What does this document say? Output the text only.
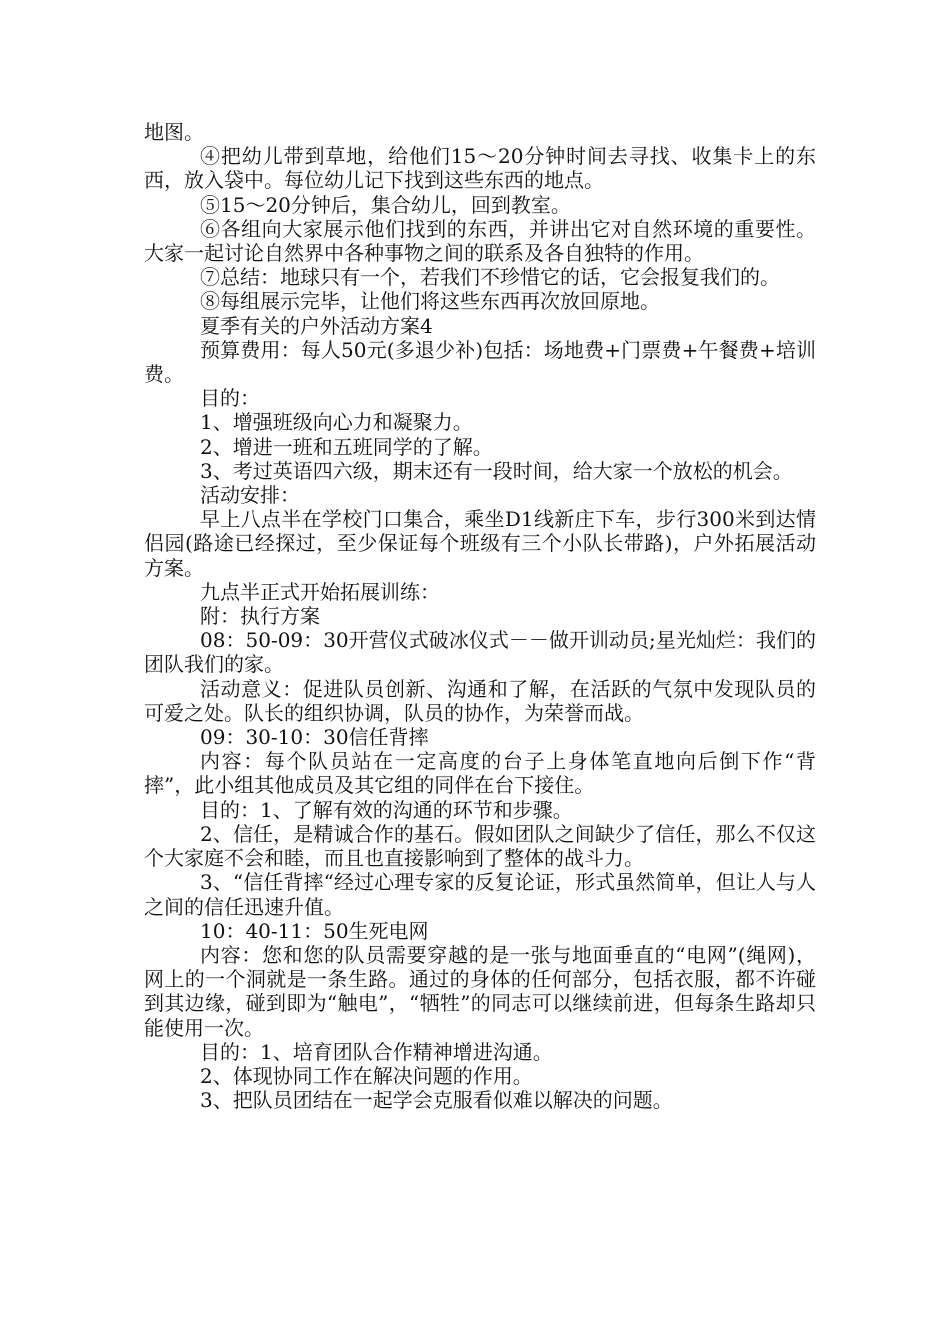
地图。

④把幼儿带到草地，给他们15～20分钟时间去寻找、收集卡上的东西，放入袋中。每位幼儿记下找到这些东西的地点。

⑤15～20分钟后，集合幼儿，回到教室。

⑥各组向大家展示他们找到的东西，并讲出它对自然环境的重要性。大家一起讨论自然界中各种事物之间的联系及各自独特的作用。

⑦总结：地球只有一个，若我们不珍惜它的话，它会报复我们的。

⑧每组展示完毕，让他们将这些东西再次放回原地。

夏季有关的户外活动方案4

预算费用：每人50元(多退少补)包括：场地费+门票费+午餐费+培训费。

目的：

1、增强班级向心力和凝聚力。

2、增进一班和五班同学的了解。

3、考过英语四六级，期末还有一段时间，给大家一个放松的机会。

活动安排：

早上八点半在学校门口集合，乘坐D1线新庄下车，步行300米到达情侣园(路途已经探过，至少保证每个班级有三个小队长带路)，户外拓展活动方案。

九点半正式开始拓展训练：

附：执行方案

08：50-09：30开营仪式破冰仪式－－做开训动员;星光灿烂：我们的团队我们的家。

活动意义：促进队员创新、沟通和了解，在活跃的气氛中发现队员的可爱之处。队长的组织协调，队员的协作，为荣誉而战。

09：30-10：30信任背摔

内容：每个队员站在一定高度的台子上身体笔直地向后倒下作“背摔”，此小组其他成员及其它组的同伴在台下接住。

目的：1、了解有效的沟通的环节和步骤。

2、信任，是精诚合作的基石。假如团队之间缺少了信任，那么不仅这个大家庭不会和睦，而且也直接影响到了整体的战斗力。

3、“信任背摔“经过心理专家的反复论证，形式虽然简单，但让人与人之间的信任迅速升值。

10：40-11：50生死电网

内容：您和您的队员需要穿越的是一张与地面垂直的“电网”(绳网)，网上的一个洞就是一条生路。通过的身体的任何部分，包括衣服，都不许碰到其边缘，碰到即为“触电”，“牺牲”的同志可以继续前进，但每条生路却只能使用一次。

目的：1、培育团队合作精神增进沟通。

2、体现协同工作在解决问题的作用。

3、把队员团结在一起学会克服看似难以解决的问题。
